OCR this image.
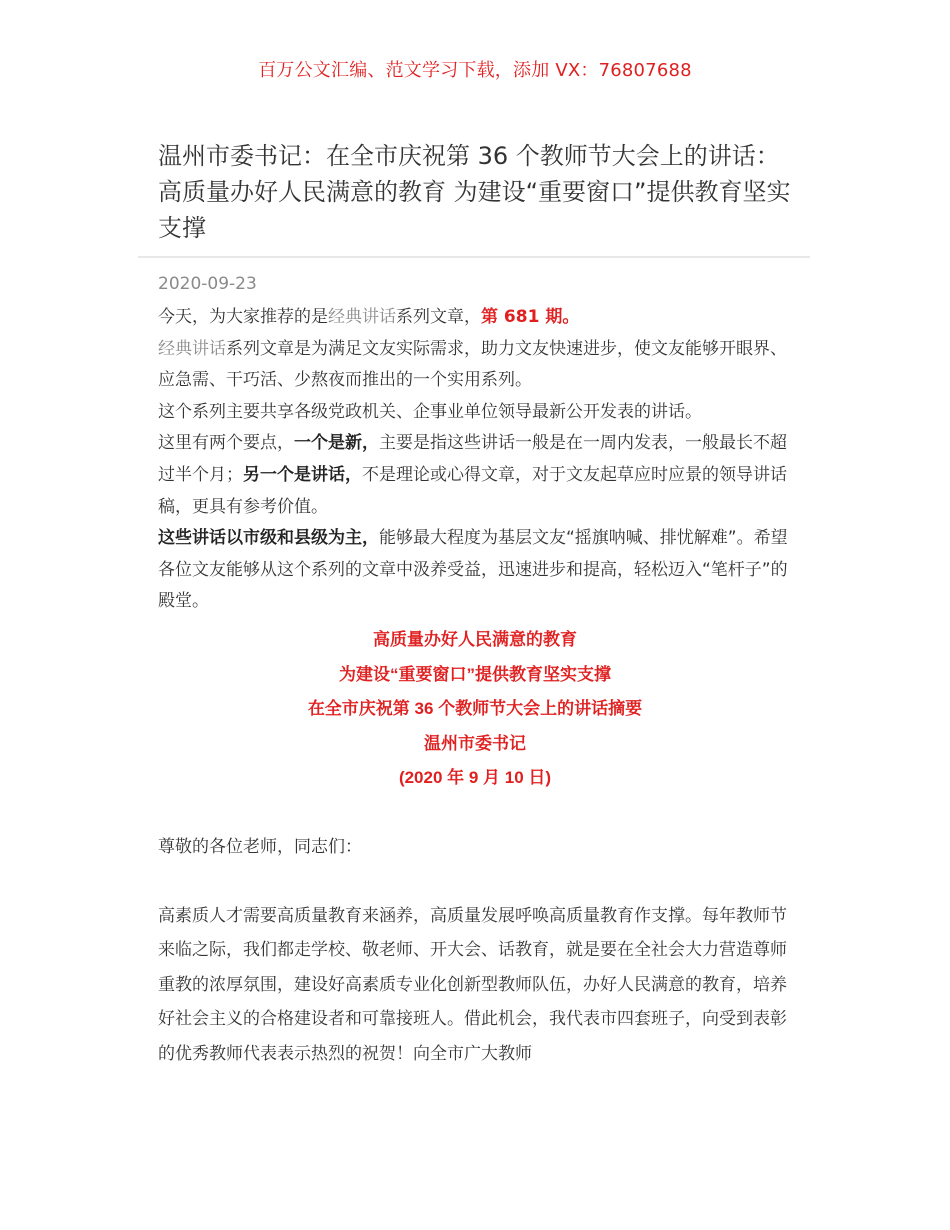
百万公文汇编、范文学习下载，添加 VX：76807688
温州市委书记：在全市庆祝第 36 个教师节大会上的讲话：高质量办好人民满意的教育 为建设“重要窗口”提供教育坚实支撑
2020-09-23

今天，为大家推荐的是经典讲话系列文章，第 681 期。

经典讲话系列文章是为满足文友实际需求，助力文友快速进步，使文友能够开眼界、应急需、干巧活、少熬夜而推出的一个实用系列。

这个系列主要共享各级党政机关、企事业单位领导最新公开发表的讲话。

这里有两个要点，一个是新，主要是指这些讲话一般是在一周内发表，一般最长不超过半个月；另一个是讲话，不是理论或心得文章，对于文友起草应时应景的领导讲话稿，更具有参考价值。

这些讲话以市级和县级为主，能够最大程度为基层文友“摇旗呐喊、排忧解难”。希望各位文友能够从这个系列的文章中汲养受益，迅速进步和提高，轻松迈入“笔杆子”的殿堂。

高质量办好人民满意的教育
为建设“重要窗口”提供教育坚实支撑
在全市庆祝第 36 个教师节大会上的讲话摘要
温州市委书记
(2020 年 9 月 10 日)

尊敬的各位老师，同志们：

高素质人才需要高质量教育来涵养，高质量发展呼唤高质量教育作支撑。每年教师节来临之际，我们都走学校、敬老师、开大会、话教育，就是要在全社会大力营造尊师重教的浓厚氛围，建设好高素质专业化创新型教师队伍，办好人民满意的教育，培养好社会主义的合格建设者和可靠接班人。借此机会，我代表市四套班子，向受到表彰的优秀教师代表表示热烈的祝贺！向全市广大教师
